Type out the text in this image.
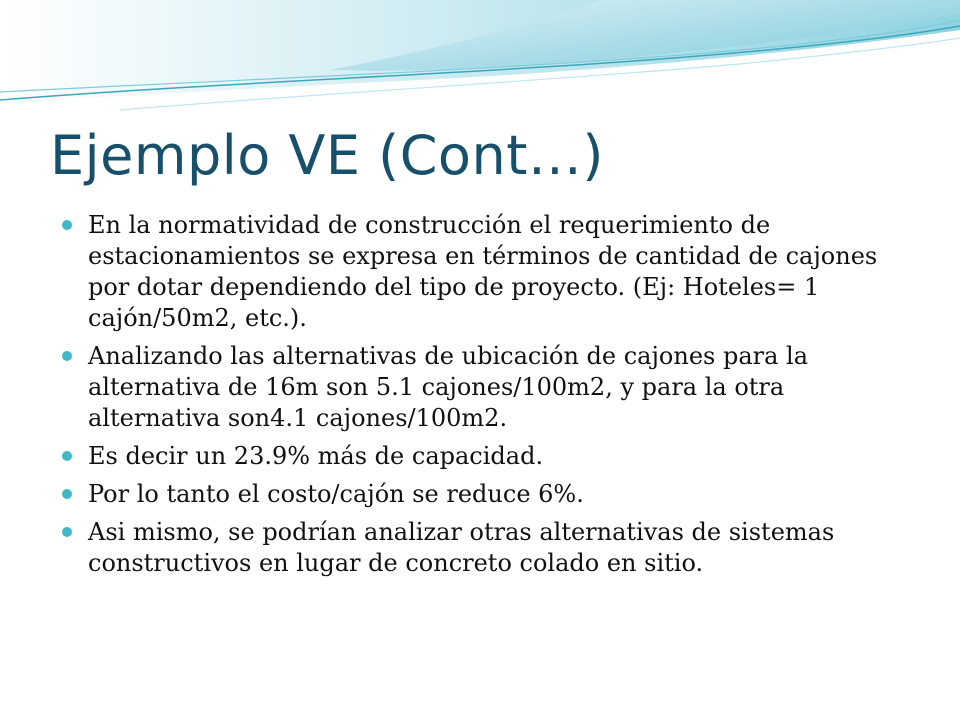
Ejemplo VE (Cont…)
En la normatividad de construcción el requerimiento de estacionamientos se expresa en términos de cantidad de cajones por dotar dependiendo del tipo de proyecto. (Ej: Hoteles= 1 cajón/50m2, etc.).
Analizando las alternativas de ubicación de cajones para la alternativa de 16m son 5.1 cajones/100m2, y para la otra alternativa son4.1 cajones/100m2.
Es decir un 23.9% más de capacidad.
Por lo tanto el costo/cajón se reduce 6%.
Asi mismo, se podrían analizar otras alternativas de sistemas constructivos en lugar de concreto colado en sitio.
